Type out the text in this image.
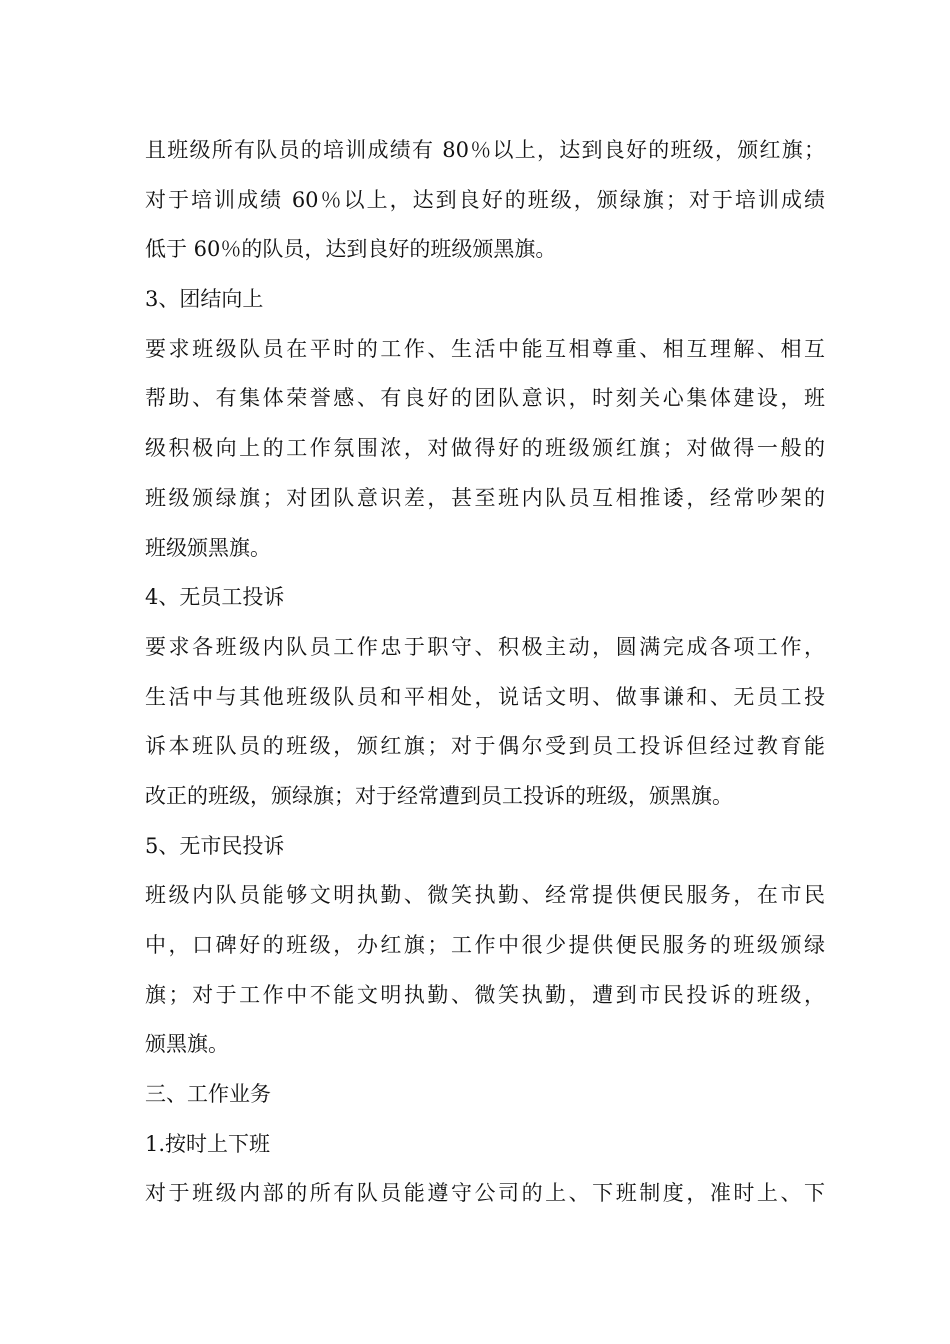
且班级所有队员的培训成绩有 80％以上，达到良好的班级，颁红旗；
对于培训成绩 60％以上，达到良好的班级，颁绿旗；对于培训成绩
低于 60％的队员，达到良好的班级颁黑旗。
3、团结向上
要求班级队员在平时的工作、生活中能互相尊重、相互理解、相互
帮助、有集体荣誉感、有良好的团队意识，时刻关心集体建设，班
级积极向上的工作氛围浓，对做得好的班级颁红旗；对做得一般的
班级颁绿旗；对团队意识差，甚至班内队员互相推诿，经常吵架的
班级颁黑旗。
4、无员工投诉
要求各班级内队员工作忠于职守、积极主动，圆满完成各项工作，
生活中与其他班级队员和平相处，说话文明、做事谦和、无员工投
诉本班队员的班级，颁红旗；对于偶尔受到员工投诉但经过教育能
改正的班级，颁绿旗；对于经常遭到员工投诉的班级，颁黑旗。
5、无市民投诉
班级内队员能够文明执勤、微笑执勤、经常提供便民服务，在市民
中，口碑好的班级，办红旗；工作中很少提供便民服务的班级颁绿
旗；对于工作中不能文明执勤、微笑执勤，遭到市民投诉的班级，
颁黑旗。
三、工作业务
1.按时上下班
对于班级内部的所有队员能遵守公司的上、下班制度，准时上、下
